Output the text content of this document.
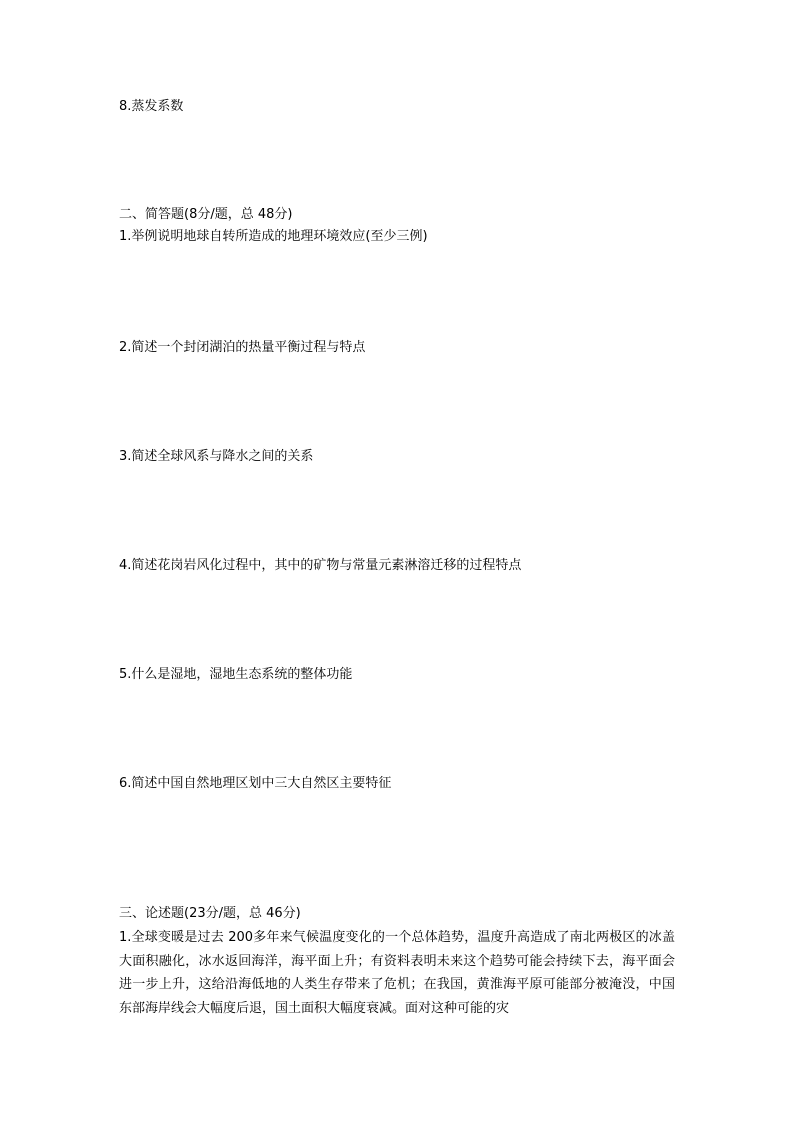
8.蒸发系数
二、简答题(8分/题，总 48分)
1.举例说明地球自转所造成的地理环境效应(至少三例)
2.简述一个封闭湖泊的热量平衡过程与特点
3.简述全球风系与降水之间的关系
4.简述花岗岩风化过程中，其中的矿物与常量元素淋溶迁移的过程特点
5.什么是湿地，湿地生态系统的整体功能
6.简述中国自然地理区划中三大自然区主要特征
三、论述题(23分/题，总 46分)
1.全球变暖是过去 200多年来气候温度变化的一个总体趋势，温度升高造成了南北两极区的冰盖大面积融化，冰水返回海洋，海平面上升；有资料表明未来这个趋势可能会持续下去，海平面会进一步上升，这给沿海低地的人类生存带来了危机；在我国，黄淮海平原可能部分被淹没，中国东部海岸线会大幅度后退，国土面积大幅度衰减。面对这种可能的灾
